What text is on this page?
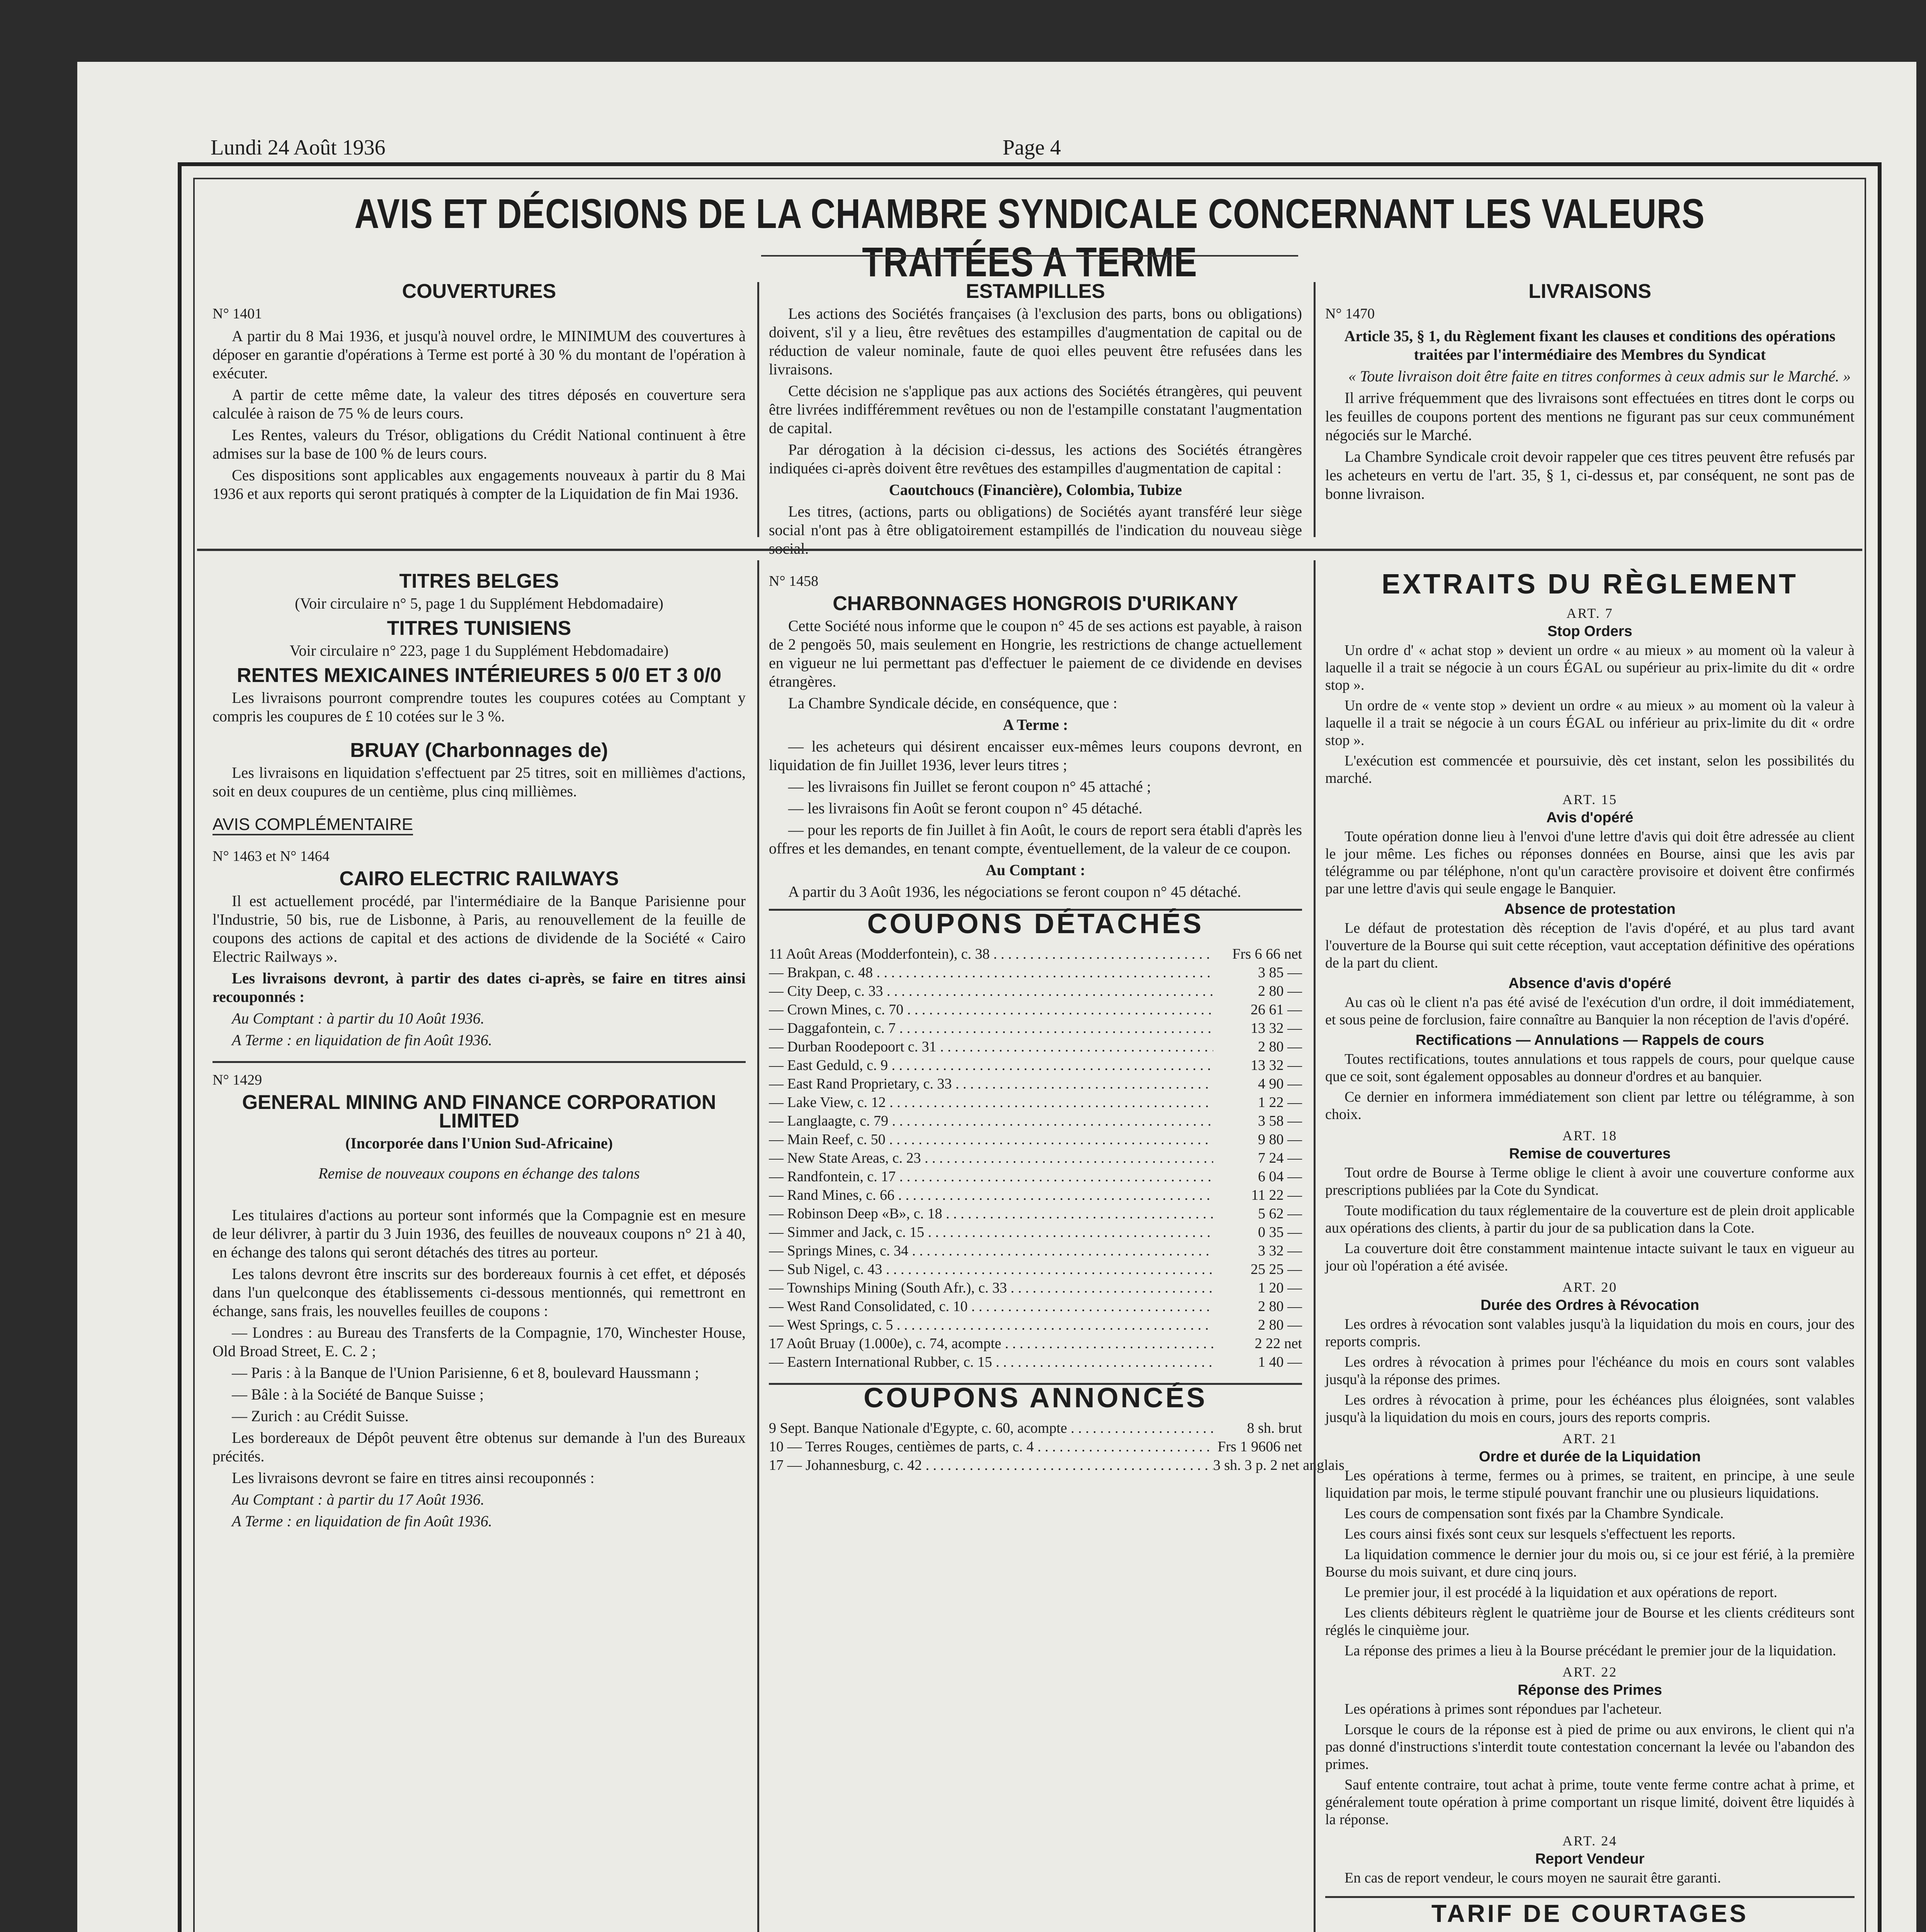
Lundi 24 Août 1936	Page 4
AVIS ET DÉCISIONS DE LA CHAMBRE SYNDICALE CONCERNANT LES VALEURS TRAITÉES A TERME
COUVERTURES
N° 1401

A partir du 8 Mai 1936, et jusqu'à nouvel ordre, le MINIMUM des couvertures à déposer en garantie d'opérations à Terme est porté à 30 % du montant de l'opération à exécuter.

A partir de cette même date, la valeur des titres déposés en couverture sera calculée à raison de 75 % de leurs cours.

Les Rentes, valeurs du Trésor, obligations du Crédit National continuent à être admises sur la base de 100 % de leurs cours.

Ces dispositions sont applicables aux engagements nouveaux à partir du 8 Mai 1936 et aux reports qui seront pratiqués à compter de la Liquidation de fin Mai 1936.

ESTAMPILLES

Les actions des Sociétés françaises (à l'exclusion des parts, bons ou obligations) doivent, s'il y a lieu, être revêtues des estampilles d'augmentation de capital ou de réduction de valeur nominale, faute de quoi elles peuvent être refusées dans les livraisons.

Cette décision ne s'applique pas aux actions des Sociétés étrangères, qui peuvent être livrées indifféremment revêtues ou non de l'estampille constatant l'augmentation de capital.

Par dérogation à la décision ci-dessus, les actions des Sociétés étrangères indiquées ci-après doivent être revêtues des estampilles d'augmentation de capital :

Caoutchoucs (Financière), Colombia, Tubize

Les titres, (actions, parts ou obligations) de Sociétés ayant transféré leur siège social n'ont pas à être obligatoirement estampillés de l'indication du nouveau siège social.

LIVRAISONS
N° 1470

Article 35, § 1, du Règlement fixant les clauses et conditions des opérations traitées par l'intermédiaire des Membres du Syndicat

« Toute livraison doit être faite en titres conformes à ceux admis sur le Marché. »

Il arrive fréquemment que des livraisons sont effectuées en titres dont le corps ou les feuilles de coupons portent des mentions ne figurant pas sur ceux communément négociés sur le Marché.

La Chambre Syndicale croit devoir rappeler que ces titres peuvent être refusés par les acheteurs en vertu de l'art. 35, § 1, ci-dessus et, par conséquent, ne sont pas de bonne livraison.

TITRES BELGES
(Voir circulaire n° 5, page 1 du Supplément Hebdomadaire)
TITRES TUNISIENS
Voir circulaire n° 223, page 1 du Supplément Hebdomadaire)
RENTES MEXICAINES INTÉRIEURES 5 0/0 ET 3 0/0

Les livraisons pourront comprendre toutes les coupures cotées au Comptant y compris les coupures de £ 10 cotées sur le 3 %.

BRUAY (Charbonnages de)

Les livraisons en liquidation s'effectuent par 25 titres, soit en millièmes d'actions, soit en deux coupures de un centième, plus cinq millièmes.

AVIS COMPLÉMENTAIRE
N° 1463 et N° 1464
CAIRO ELECTRIC RAILWAYS

Il est actuellement procédé, par l'intermédiaire de la Banque Parisienne pour l'Industrie, 50 bis, rue de Lisbonne, à Paris, au renouvellement de la feuille de coupons des actions de capital et des actions de dividende de la Société « Cairo Electric Railways ».

Les livraisons devront, à partir des dates ci-après, se faire en titres ainsi recouponnés :

Au Comptant : à partir du 10 Août 1936.

A Terme : en liquidation de fin Août 1936.

N° 1429
GENERAL MINING AND FINANCE CORPORATION LIMITED
(Incorporée dans l'Union Sud-Africaine)
Remise de nouveaux coupons en échange des talons

Les titulaires d'actions au porteur sont informés que la Compagnie est en mesure de leur délivrer, à partir du 3 Juin 1936, des feuilles de nouveaux coupons n° 21 à 40, en échange des talons qui seront détachés des titres au porteur.

Les talons devront être inscrits sur des bordereaux fournis à cet effet, et déposés dans l'un quelconque des établissements ci-dessous mentionnés, qui remettront en échange, sans frais, les nouvelles feuilles de coupons :

— Londres : au Bureau des Transferts de la Compagnie, 170, Winchester House, Old Broad Street, E. C. 2 ;

— Paris : à la Banque de l'Union Parisienne, 6 et 8, boulevard Haussmann ;

— Bâle : à la Société de Banque Suisse ;

— Zurich : au Crédit Suisse.

Les bordereaux de Dépôt peuvent être obtenus sur demande à l'un des Bureaux précités.

Les livraisons devront se faire en titres ainsi recouponnés :

Au Comptant : à partir du 17 Août 1936.

A Terme : en liquidation de fin Août 1936.

N° 1458
CHARBONNAGES HONGROIS D'URIKANY

Cette Société nous informe que le coupon n° 45 de ses actions est payable, à raison de 2 pengoës 50, mais seulement en Hongrie, les restrictions de change actuellement en vigueur ne lui permettant pas d'effectuer le paiement de ce dividende en devises étrangères.

La Chambre Syndicale décide, en conséquence, que :

A Terme :

— les acheteurs qui désirent encaisser eux-mêmes leurs coupons devront, en liquidation de fin Juillet 1936, lever leurs titres ;

— les livraisons fin Juillet se feront coupon n° 45 attaché ;

— les livraisons fin Août se feront coupon n° 45 détaché.

— pour les reports de fin Juillet à fin Août, le cours de report sera établi d'après les offres et les demandes, en tenant compte, éventuellement, de la valeur de ce coupon.

Au Comptant :

A partir du 3 Août 1936, les négociations se feront coupon n° 45 détaché.

COUPONS DÉTACHÉS
11 Août Areas (Modderfontein), c. 38 . . .	Frs 6 66 net
— Brakpan, c. 48 . . .	3 85 —
— City Deep, c. 33 . . .	2 80 —
— Crown Mines, c. 70 . . .	26 61 —
— Daggafontein, c. 7 . . .	13 32 —
— Durban Roodepoort c. 31 . . .	2 80 —
— East Geduld, c. 9 . . .	13 32 —
— East Rand Proprietary, c. 33 . . .	4 90 —
— Lake View, c. 12 . . .	1 22 —
— Langlaagte, c. 79 . . .	3 58 —
— Main Reef, c. 50 . . .	9 80 —
— New State Areas, c. 23 . . .	7 24 —
— Randfontein, c. 17 . . .	6 04 —
— Rand Mines, c. 66 . . .	11 22 —
— Robinson Deep «B», c. 18 . . .	5 62 —
— Simmer and Jack, c. 15 . . .	0 35 —
— Springs Mines, c. 34 . . .	3 32 —
— Sub Nigel, c. 43 . . .	25 25 —
— Townships Mining (South Afr.), c. 33 . . .	1 20 —
— West Rand Consolidated, c. 10 . . .	2 80 —
— West Springs, c. 5 . . .	2 80 —
17 Août Bruay (1.000e), c. 74, acompte . . .	2 22 net
— Eastern International Rubber, c. 15 . . .	1 40 —
COUPONS ANNONCÉS
9 Sept. Banque Nationale d'Egypte, c. 60, acompte . . .	8 sh. brut
10 — Terres Rouges, centièmes de parts, c. 4 . . .	Frs 1 9606 net
17 — Johannesburg, c. 42 . . .	3 sh. 3 p. 2 net anglais
EXTRAITS DU RÈGLEMENT
ART. 7
Stop Orders

Un ordre d' « achat stop » devient un ordre « au mieux » au moment où la valeur à laquelle il a trait se négocie à un cours ÉGAL ou supérieur au prix-limite du dit « ordre stop ».

Un ordre de « vente stop » devient un ordre « au mieux » au moment où la valeur à laquelle il a trait se négocie à un cours ÉGAL ou inférieur au prix-limite du dit « ordre stop ».

L'exécution est commencée et poursuivie, dès cet instant, selon les possibilités du marché.

ART. 15
Avis d'opéré

Toute opération donne lieu à l'envoi d'une lettre d'avis qui doit être adressée au client le jour même. Les fiches ou réponses données en Bourse, ainsi que les avis par télégramme ou par téléphone, n'ont qu'un caractère provisoire et doivent être confirmés par une lettre d'avis qui seule engage le Banquier.

Absence de protestation

Le défaut de protestation dès réception de l'avis d'opéré, et au plus tard avant l'ouverture de la Bourse qui suit cette réception, vaut acceptation définitive des opérations de la part du client.

Absence d'avis d'opéré

Au cas où le client n'a pas été avisé de l'exécution d'un ordre, il doit immédiatement, et sous peine de forclusion, faire connaître au Banquier la non réception de l'avis d'opéré.

Rectifications — Annulations — Rappels de cours

Toutes rectifications, toutes annulations et tous rappels de cours, pour quelque cause que ce soit, sont également opposables au donneur d'ordres et au banquier.

Ce dernier en informera immédiatement son client par lettre ou télégramme, à son choix.

ART. 18
Remise de couvertures

Tout ordre de Bourse à Terme oblige le client à avoir une couverture conforme aux prescriptions publiées par la Cote du Syndicat.

Toute modification du taux réglementaire de la couverture est de plein droit applicable aux opérations des clients, à partir du jour de sa publication dans la Cote.

La couverture doit être constamment maintenue intacte suivant le taux en vigueur au jour où l'opération a été avisée.

ART. 20
Durée des Ordres à Révocation

Les ordres à révocation sont valables jusqu'à la liquidation du mois en cours, jour des reports compris.

Les ordres à révocation à primes pour l'échéance du mois en cours sont valables jusqu'à la réponse des primes.

Les ordres à révocation à prime, pour les échéances plus éloignées, sont valables jusqu'à la liquidation du mois en cours, jours des reports compris.

ART. 21
Ordre et durée de la Liquidation

Les opérations à terme, fermes ou à primes, se traitent, en principe, à une seule liquidation par mois, le terme stipulé pouvant franchir une ou plusieurs liquidations.

Les cours de compensation sont fixés par la Chambre Syndicale.

Les cours ainsi fixés sont ceux sur lesquels s'effectuent les reports.

La liquidation commence le dernier jour du mois ou, si ce jour est férié, à la première Bourse du mois suivant, et dure cinq jours.

Le premier jour, il est procédé à la liquidation et aux opérations de report.

Les clients débiteurs règlent le quatrième jour de Bourse et les clients créditeurs sont réglés le cinquième jour.

La réponse des primes a lieu à la Bourse précédant le premier jour de la liquidation.

ART. 22
Réponse des Primes

Les opérations à primes sont répondues par l'acheteur.

Lorsque le cours de la réponse est à pied de prime ou aux environs, le client qui n'a pas donné d'instructions s'interdit toute contestation concernant la levée ou l'abandon des primes.

Sauf entente contraire, tout achat à prime, toute vente ferme contre achat à prime, et généralement toute opération à prime comportant un risque limité, doivent être liquidés à la réponse.

ART. 24
Report Vendeur

En cas de report vendeur, le cours moyen ne saurait être garanti.

TARIF DE COURTAGES
